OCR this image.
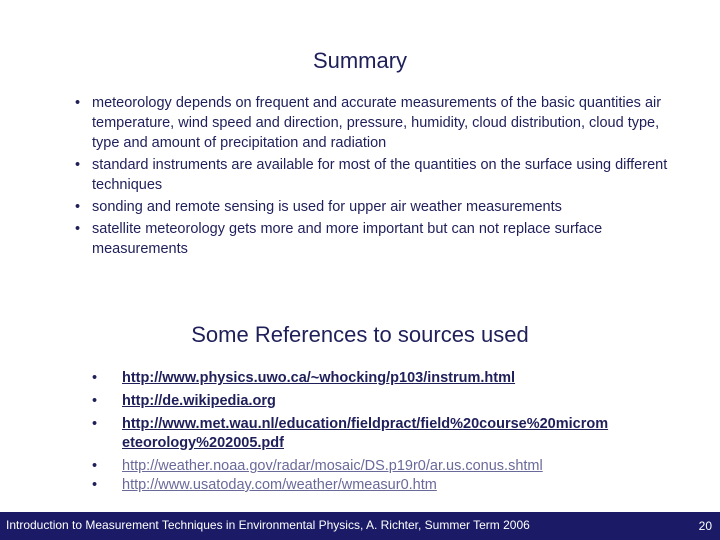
Summary
• meteorology depends on frequent and accurate measurements of the basic quantities air temperature, wind speed and direction, pressure, humidity, cloud distribution, cloud type, type and amount of precipitation and radiation
• standard instruments are available for most of the quantities on the surface using different techniques
• sonding and remote sensing is used for upper air weather measurements
• satellite meteorology gets more and more important but can not replace surface measurements
Some References to sources used
• http://www.physics.uwo.ca/~whocking/p103/instrum.html
• http://de.wikipedia.org
• http://www.met.wau.nl/education/fieldpract/field%20course%20micrometeorology%202005.pdf
• http://weather.noaa.gov/radar/mosaic/DS.p19r0/ar.us.conus.shtml
• http://www.usatoday.com/weather/wmeasur0.htm
Introduction to Measurement Techniques in Environmental Physics, A. Richter, Summer Term 2006	20
